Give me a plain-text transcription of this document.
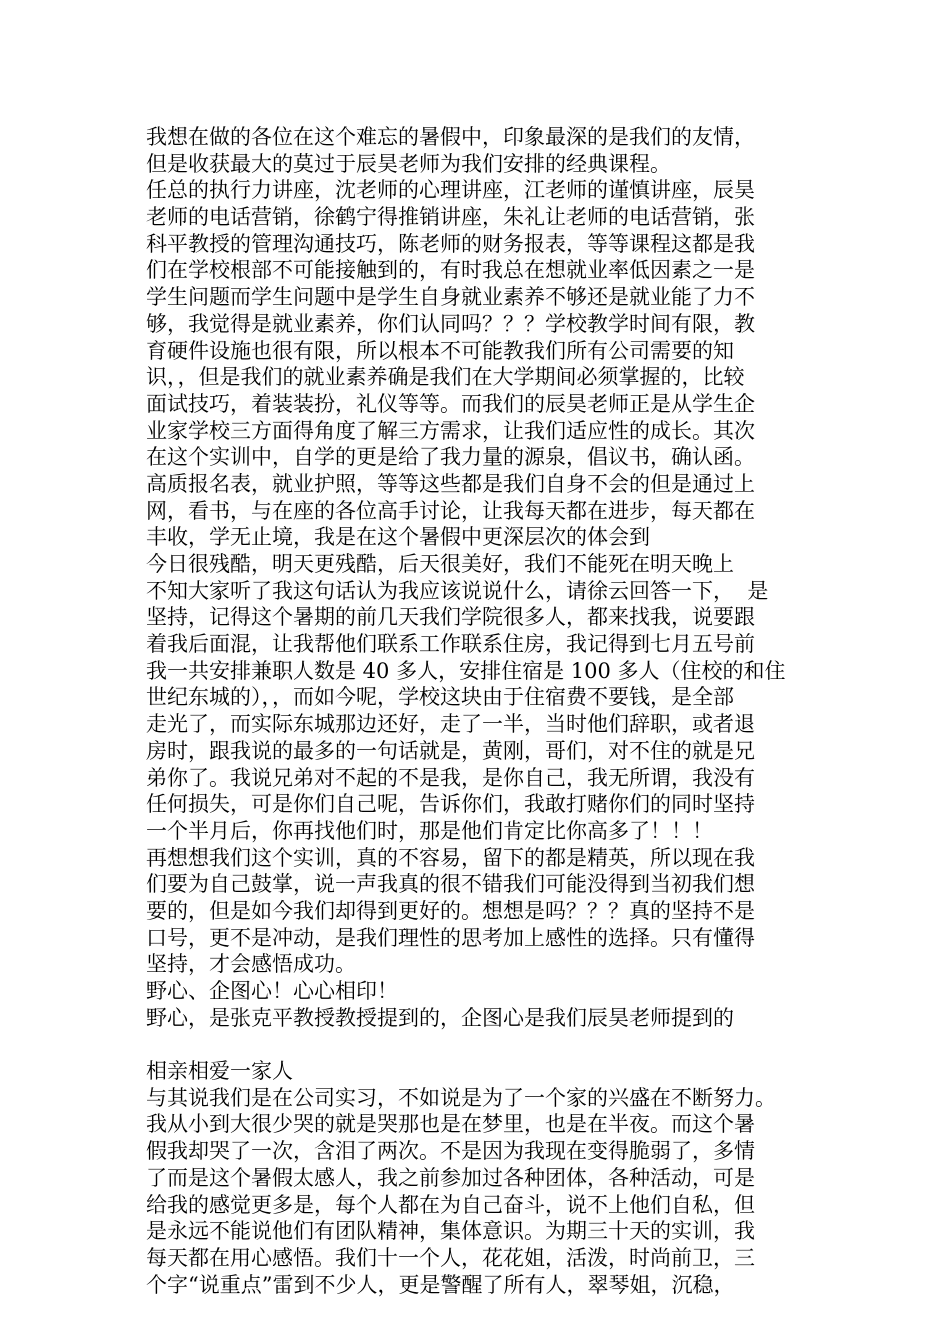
我想在做的各位在这个难忘的暑假中，印象最深的是我们的友情，
但是收获最大的莫过于辰昊老师为我们安排的经典课程。
任总的执行力讲座，沈老师的心理讲座，江老师的谨慎讲座，辰昊
老师的电话营销，徐鹤宁得推销讲座，朱礼让老师的电话营销，张
科平教授的管理沟通技巧，陈老师的财务报表，等等课程这都是我
们在学校根部不可能接触到的，有时我总在想就业率低因素之一是
学生问题而学生问题中是学生自身就业素养不够还是就业能了力不
够，我觉得是就业素养，你们认同吗？？？学校教学时间有限，教
育硬件设施也很有限，所以根本不可能教我们所有公司需要的知
识，，但是我们的就业素养确是我们在大学期间必须掌握的，比较
面试技巧，着装装扮，礼仪等等。而我们的辰昊老师正是从学生企
业家学校三方面得角度了解三方需求，让我们适应性的成长。其次
在这个实训中，自学的更是给了我力量的源泉，倡议书，确认函。
高质报名表，就业护照，等等这些都是我们自身不会的但是通过上
网，看书，与在座的各位高手讨论，让我每天都在进步，每天都在
丰收，学无止境，我是在这个暑假中更深层次的体会到
今日很残酷，明天更残酷，后天很美好，我们不能死在明天晚上
不知大家听了我这句话认为我应该说说什么，请徐云回答一下，  是
坚持，记得这个暑期的前几天我们学院很多人，都来找我，说要跟
着我后面混，让我帮他们联系工作联系住房，我记得到七月五号前
我一共安排兼职人数是 40 多人，安排住宿是 100 多人（住校的和住
世纪东城的），，而如今呢，学校这块由于住宿费不要钱，是全部
走光了，而实际东城那边还好，走了一半，当时他们辞职，或者退
房时，跟我说的最多的一句话就是，黄刚，哥们，对不住的就是兄
弟你了。我说兄弟对不起的不是我，是你自己，我无所谓，我没有
任何损失，可是你们自己呢，告诉你们，我敢打赌你们的同时坚持
一个半月后，你再找他们时，那是他们肯定比你高多了！！！
再想想我们这个实训，真的不容易，留下的都是精英，所以现在我
们要为自己鼓掌，说一声我真的很不错我们可能没得到当初我们想
要的，但是如今我们却得到更好的。想想是吗？？？真的坚持不是
口号，更不是冲动，是我们理性的思考加上感性的选择。只有懂得
坚持，才会感悟成功。
野心、企图心！心心相印！
野心，是张克平教授教授提到的，企图心是我们辰昊老师提到的
相亲相爱一家人
与其说我们是在公司实习，不如说是为了一个家的兴盛在不断努力。
我从小到大很少哭的就是哭那也是在梦里，也是在半夜。而这个暑
假我却哭了一次，含泪了两次。不是因为我现在变得脆弱了，多情
了而是这个暑假太感人，我之前参加过各种团体，各种活动，可是
给我的感觉更多是，每个人都在为自己奋斗，说不上他们自私，但
是永远不能说他们有团队精神，集体意识。为期三十天的实训，我
每天都在用心感悟。我们十一个人，花花姐，活泼，时尚前卫，三
个字“说重点”雷到不少人，更是警醒了所有人，翠琴姐，沉稳，
